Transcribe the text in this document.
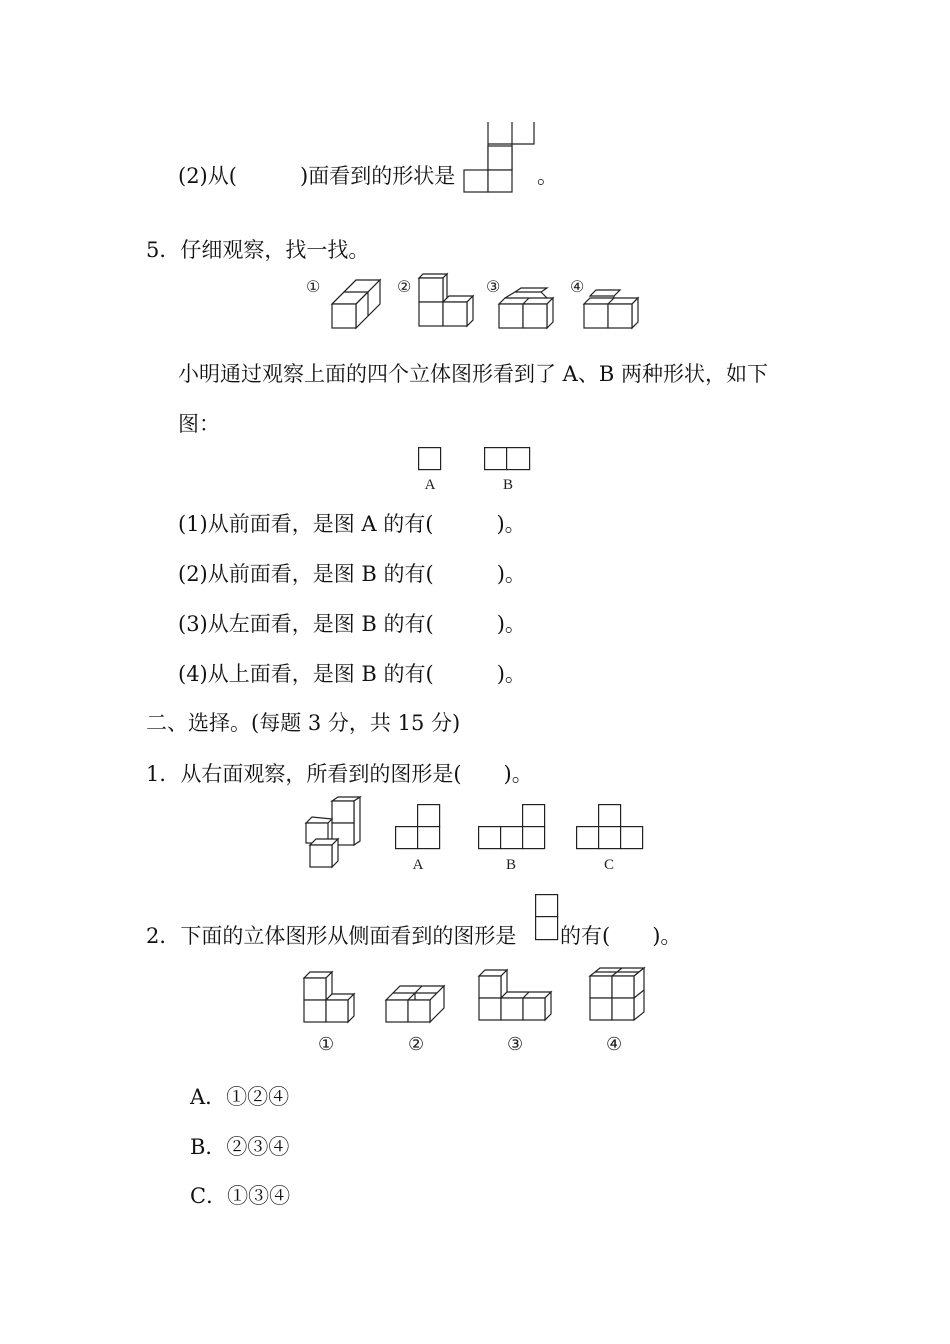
(2)从(	)面看到的形状是	。
5．仔细观察，找一找。
①	②	③	④
小明通过观察上面的四个立体图形看到了 A、B 两种形状，如下
图：
A	B
(1)从前面看，是图 A 的有(　　　)。
(2)从前面看，是图 B 的有(　　　)。
(3)从左面看，是图 B 的有(　　　)。
(4)从上面看，是图 B 的有(　　　)。
二、选择。(每题 3 分，共 15 分)
1．从右面观察，所看到的图形是(　　)。
A	B	C
2．下面的立体图形从侧面看到的图形是 的有(　　)。
①	②	③	④
A．①②④
B．②③④
C．①③④
